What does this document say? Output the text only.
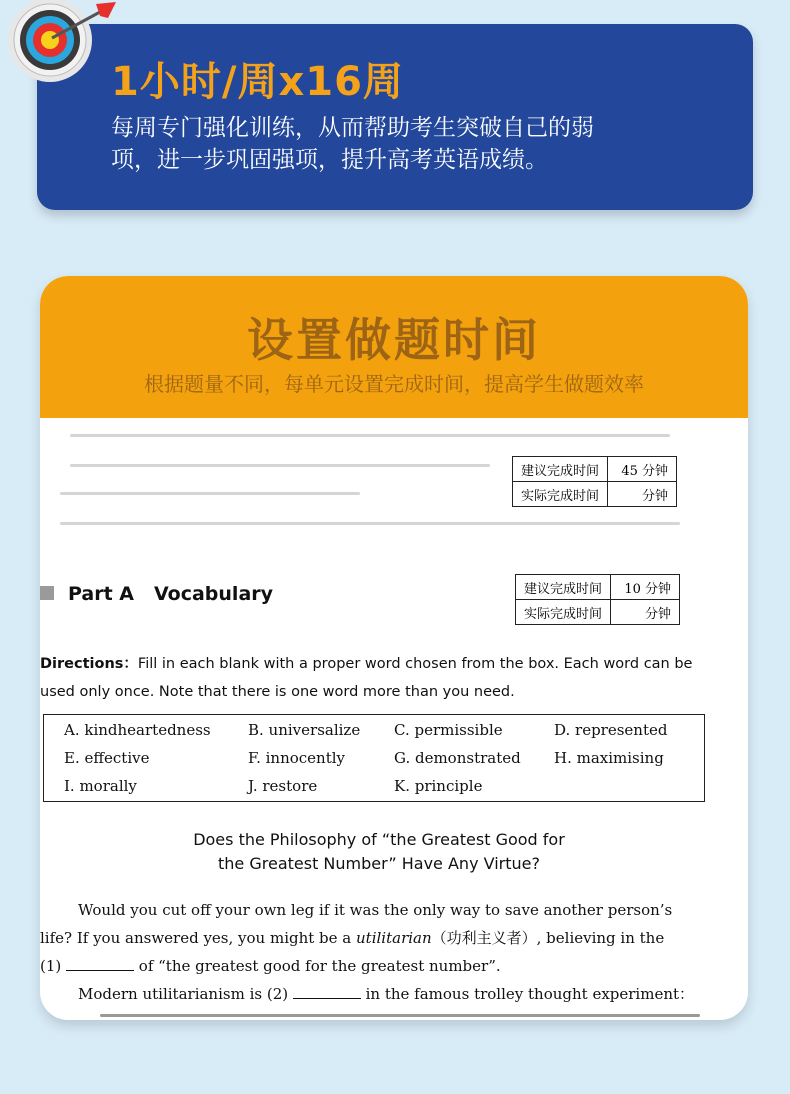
1小时/周x16周
每周专门强化训练，从而帮助考生突破自己的弱
项，进一步巩固强项，提升高考英语成绩。
设置做题时间
根据题量不同，每单元设置完成时间，提高学生做题效率
建议完成时间	45 分钟
实际完成时间	分钟
Part A Vocabulary	建议完成时间	10 分钟
实际完成时间	分钟
Directions：Fill in each blank with a proper word chosen from the box. Each word can be
used only once. Note that there is one word more than you need.
A. kindheartedness B. universalize C. permissible	D. represented
E. effective	F. innocently	G. demonstrated H. maximising
I. morally	J. restore	K. principle
Does the Philosophy of “the Greatest Good for
the Greatest Number” Have Any Virtue?
Would you cut off your own leg if it was the only way to save another person’s
life? If you answered yes, you might be a utilitarian（功利主义者）, believing in the
(1)	of “the greatest good for the greatest number”.
Modern utilitarianism is (2)	in the famous trolley thought experiment：
